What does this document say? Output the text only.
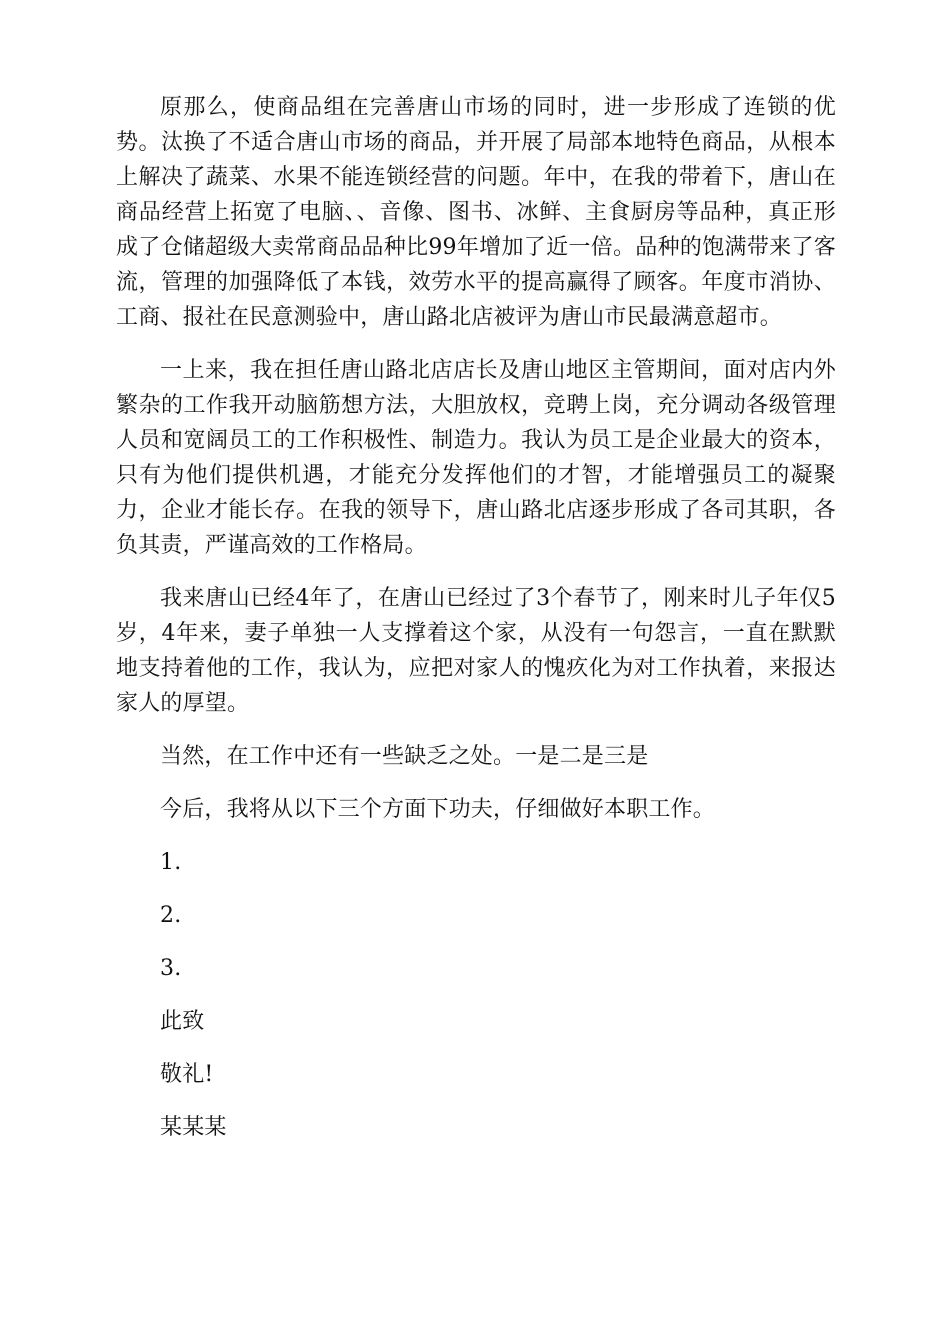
原那么，使商品组在完善唐山市场的同时，进一步形成了连锁的优势。汰换了不适合唐山市场的商品，并开展了局部本地特色商品，从根本上解决了蔬菜、水果不能连锁经营的问题。年中，在我的带着下，唐山在商品经营上拓宽了电脑、、音像、图书、冰鲜、主食厨房等品种，真正形成了仓储超级大卖常商品品种比99年增加了近一倍。品种的饱满带来了客流，管理的加强降低了本钱，效劳水平的提高赢得了顾客。年度市消协、工商、报社在民意测验中，唐山路北店被评为唐山市民最满意超市。

一上来，我在担任唐山路北店店长及唐山地区主管期间，面对店内外繁杂的工作我开动脑筋想方法，大胆放权，竞聘上岗，充分调动各级管理人员和宽阔员工的工作积极性、制造力。我认为员工是企业最大的资本，只有为他们提供机遇，才能充分发挥他们的才智，才能增强员工的凝聚力，企业才能长存。在我的领导下，唐山路北店逐步形成了各司其职，各负其责，严谨高效的工作格局。

我来唐山已经4年了，在唐山已经过了3个春节了，刚来时儿子年仅5岁，4年来，妻子单独一人支撑着这个家，从没有一句怨言，一直在默默地支持着他的工作，我认为，应把对家人的愧疚化为对工作执着，来报达家人的厚望。

当然，在工作中还有一些缺乏之处。一是二是三是

今后，我将从以下三个方面下功夫，仔细做好本职工作。

1.

2.

3.

此致

敬礼!

某某某
